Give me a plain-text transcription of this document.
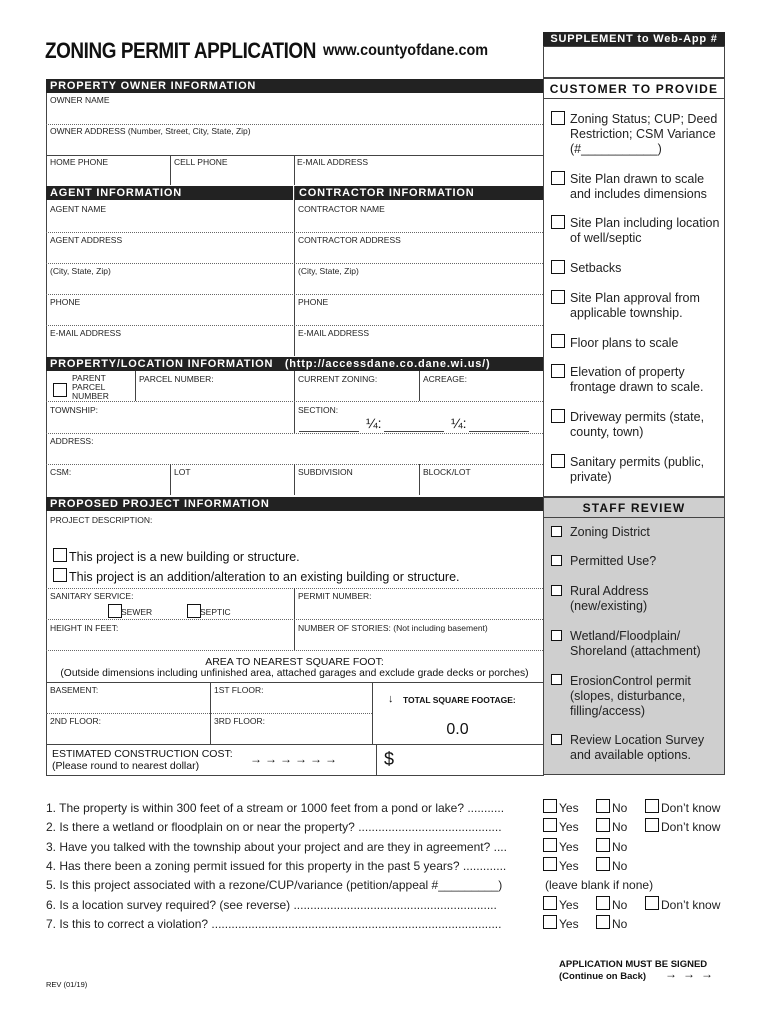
ZONING PERMIT APPLICATION www.countyofdane.com
SUPPLEMENT to Web-App #
PROPERTY OWNER INFORMATION
OWNER NAME
OWNER ADDRESS (Number, Street, City, State, Zip)
HOME PHONE	CELL PHONE	E-MAIL ADDRESS
AGENT INFORMATION	CONTRACTOR INFORMATION
AGENT NAME	CONTRACTOR NAME
AGENT ADDRESS	CONTRACTOR ADDRESS
(City, State, Zip)	(City, State, Zip)
PHONE	PHONE
E-MAIL ADDRESS	E-MAIL ADDRESS
PROPERTY/LOCATION INFORMATION (http://accessdane.co.dane.wi.us/)
PARENT PARCEL NUMBER
PARCEL NUMBER:	CURRENT ZONING:	ACREAGE:
TOWNSHIP:	SECTION:
¼:	¼:
ADDRESS:
CSM:	LOT	SUBDIVISION	BLOCK/LOT
PROPOSED PROJECT INFORMATION
PROJECT DESCRIPTION:
This project is a new building or structure.
This project is an addition/alteration to an existing building or structure.
SANITARY SERVICE:	PERMIT NUMBER:
SEWER	SEPTIC
HEIGHT IN FEET:	NUMBER OF STORIES: (Not including basement)
AREA TO NEAREST SQUARE FOOT:
(Outside dimensions including unfinished area, attached garages and exclude grade decks or porches)
BASEMENT:	1ST FLOOR:
↓ TOTAL SQUARE FOOTAGE:
2ND FLOOR:	3RD FLOOR:	0.0
ESTIMATED CONSTRUCTION COST:
(Please round to nearest dollar)	→→→→→→ $
CUSTOMER TO PROVIDE
Zoning Status; CUP; Deed Restriction; CSM Variance (#___________)
Site Plan drawn to scale and includes dimensions
Site Plan including location of well/septic
Setbacks
Site Plan approval from applicable township.
Floor plans to scale
Elevation of property frontage drawn to scale.
Driveway permits (state, county, town)
Sanitary permits (public, private)
STAFF REVIEW
Zoning District
Permitted Use?
Rural Address (new/existing)
Wetland/Floodplain/ Shoreland (attachment)
ErosionControl permit (slopes, disturbance, filling/access)
Review Location Survey and available options.
1. The property is within 300 feet of a stream or 1000 feet from a pond or lake? ...........	Yes	No	Don’t know
2. Is there a wetland or floodplain on or near the property? ...........................................	Yes	No	Don’t know
3. Have you talked with the township about your project and are they in agreement? ....	Yes	No
4. Has there been a zoning permit issued for this property in the past 5 years? .............	Yes	No
5. Is this project associated with a rezone/CUP/variance (petition/appeal #_________)	(leave blank if none)
6. Is a location survey required? (see reverse) .............................................................	Yes	No	Don’t know
7. Is this to correct a violation? .......................................................................................	Yes	No
REV (01/19)
APPLICATION MUST BE SIGNED
(Continue on Back) →→→
